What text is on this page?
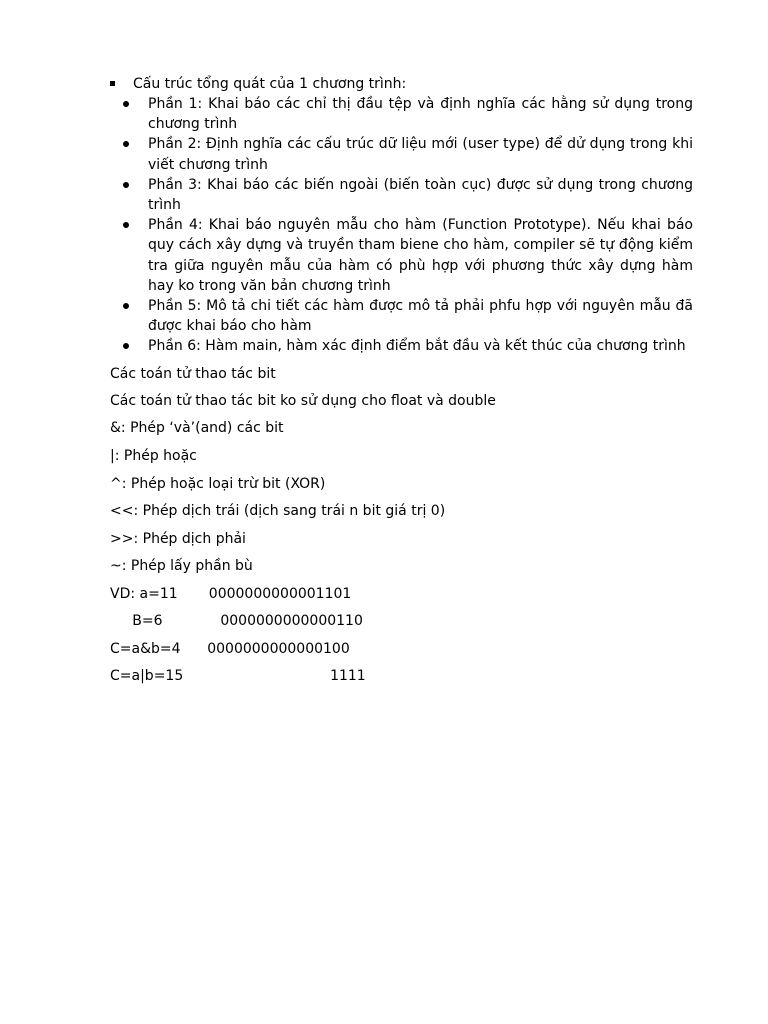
Cấu trúc tổng quát của 1 chương trình:
Phần 1: Khai báo các chỉ thị đầu tệp và định nghĩa các hằng sử dụng trong chương trình
Phần 2: Định nghĩa các cấu trúc dữ liệu mới (user type) để dử dụng trong khi viết chương trình
Phần 3: Khai báo các biến ngoài (biến toàn cục) được sử dụng trong chương trình
Phần 4: Khai báo nguyên mẫu cho hàm (Function Prototype). Nếu khai báo quy cách xây dựng và truyền tham biene cho hàm, compiler sẽ tự động kiểm tra giữa nguyên mẫu của hàm có phù hợp với phương thức xây dựng hàm hay ko trong văn bản chương trình
Phần 5: Mô tả chi tiết các hàm được mô tả phải phfu hợp với nguyên mẫu đã được khai báo cho hàm
Phần 6: Hàm main, hàm xác định điểm bắt đầu và kết thúc của chương trình
Các toán tử thao tác bit
Các toán tử thao tác bit ko sử dụng cho float và double
&: Phép ‘và’(and) các bit
|: Phép hoặc
^: Phép hoặc loại trừ bit (XOR)
<<: Phép dịch trái (dịch sang trái n bit giá trị 0)
>>: Phép dịch phải
~: Phép lấy phần bù
VD: a=11       0000000000001101
B=6             0000000000000110
C=a&b=4      0000000000000100
C=a|b=15                                 1111
